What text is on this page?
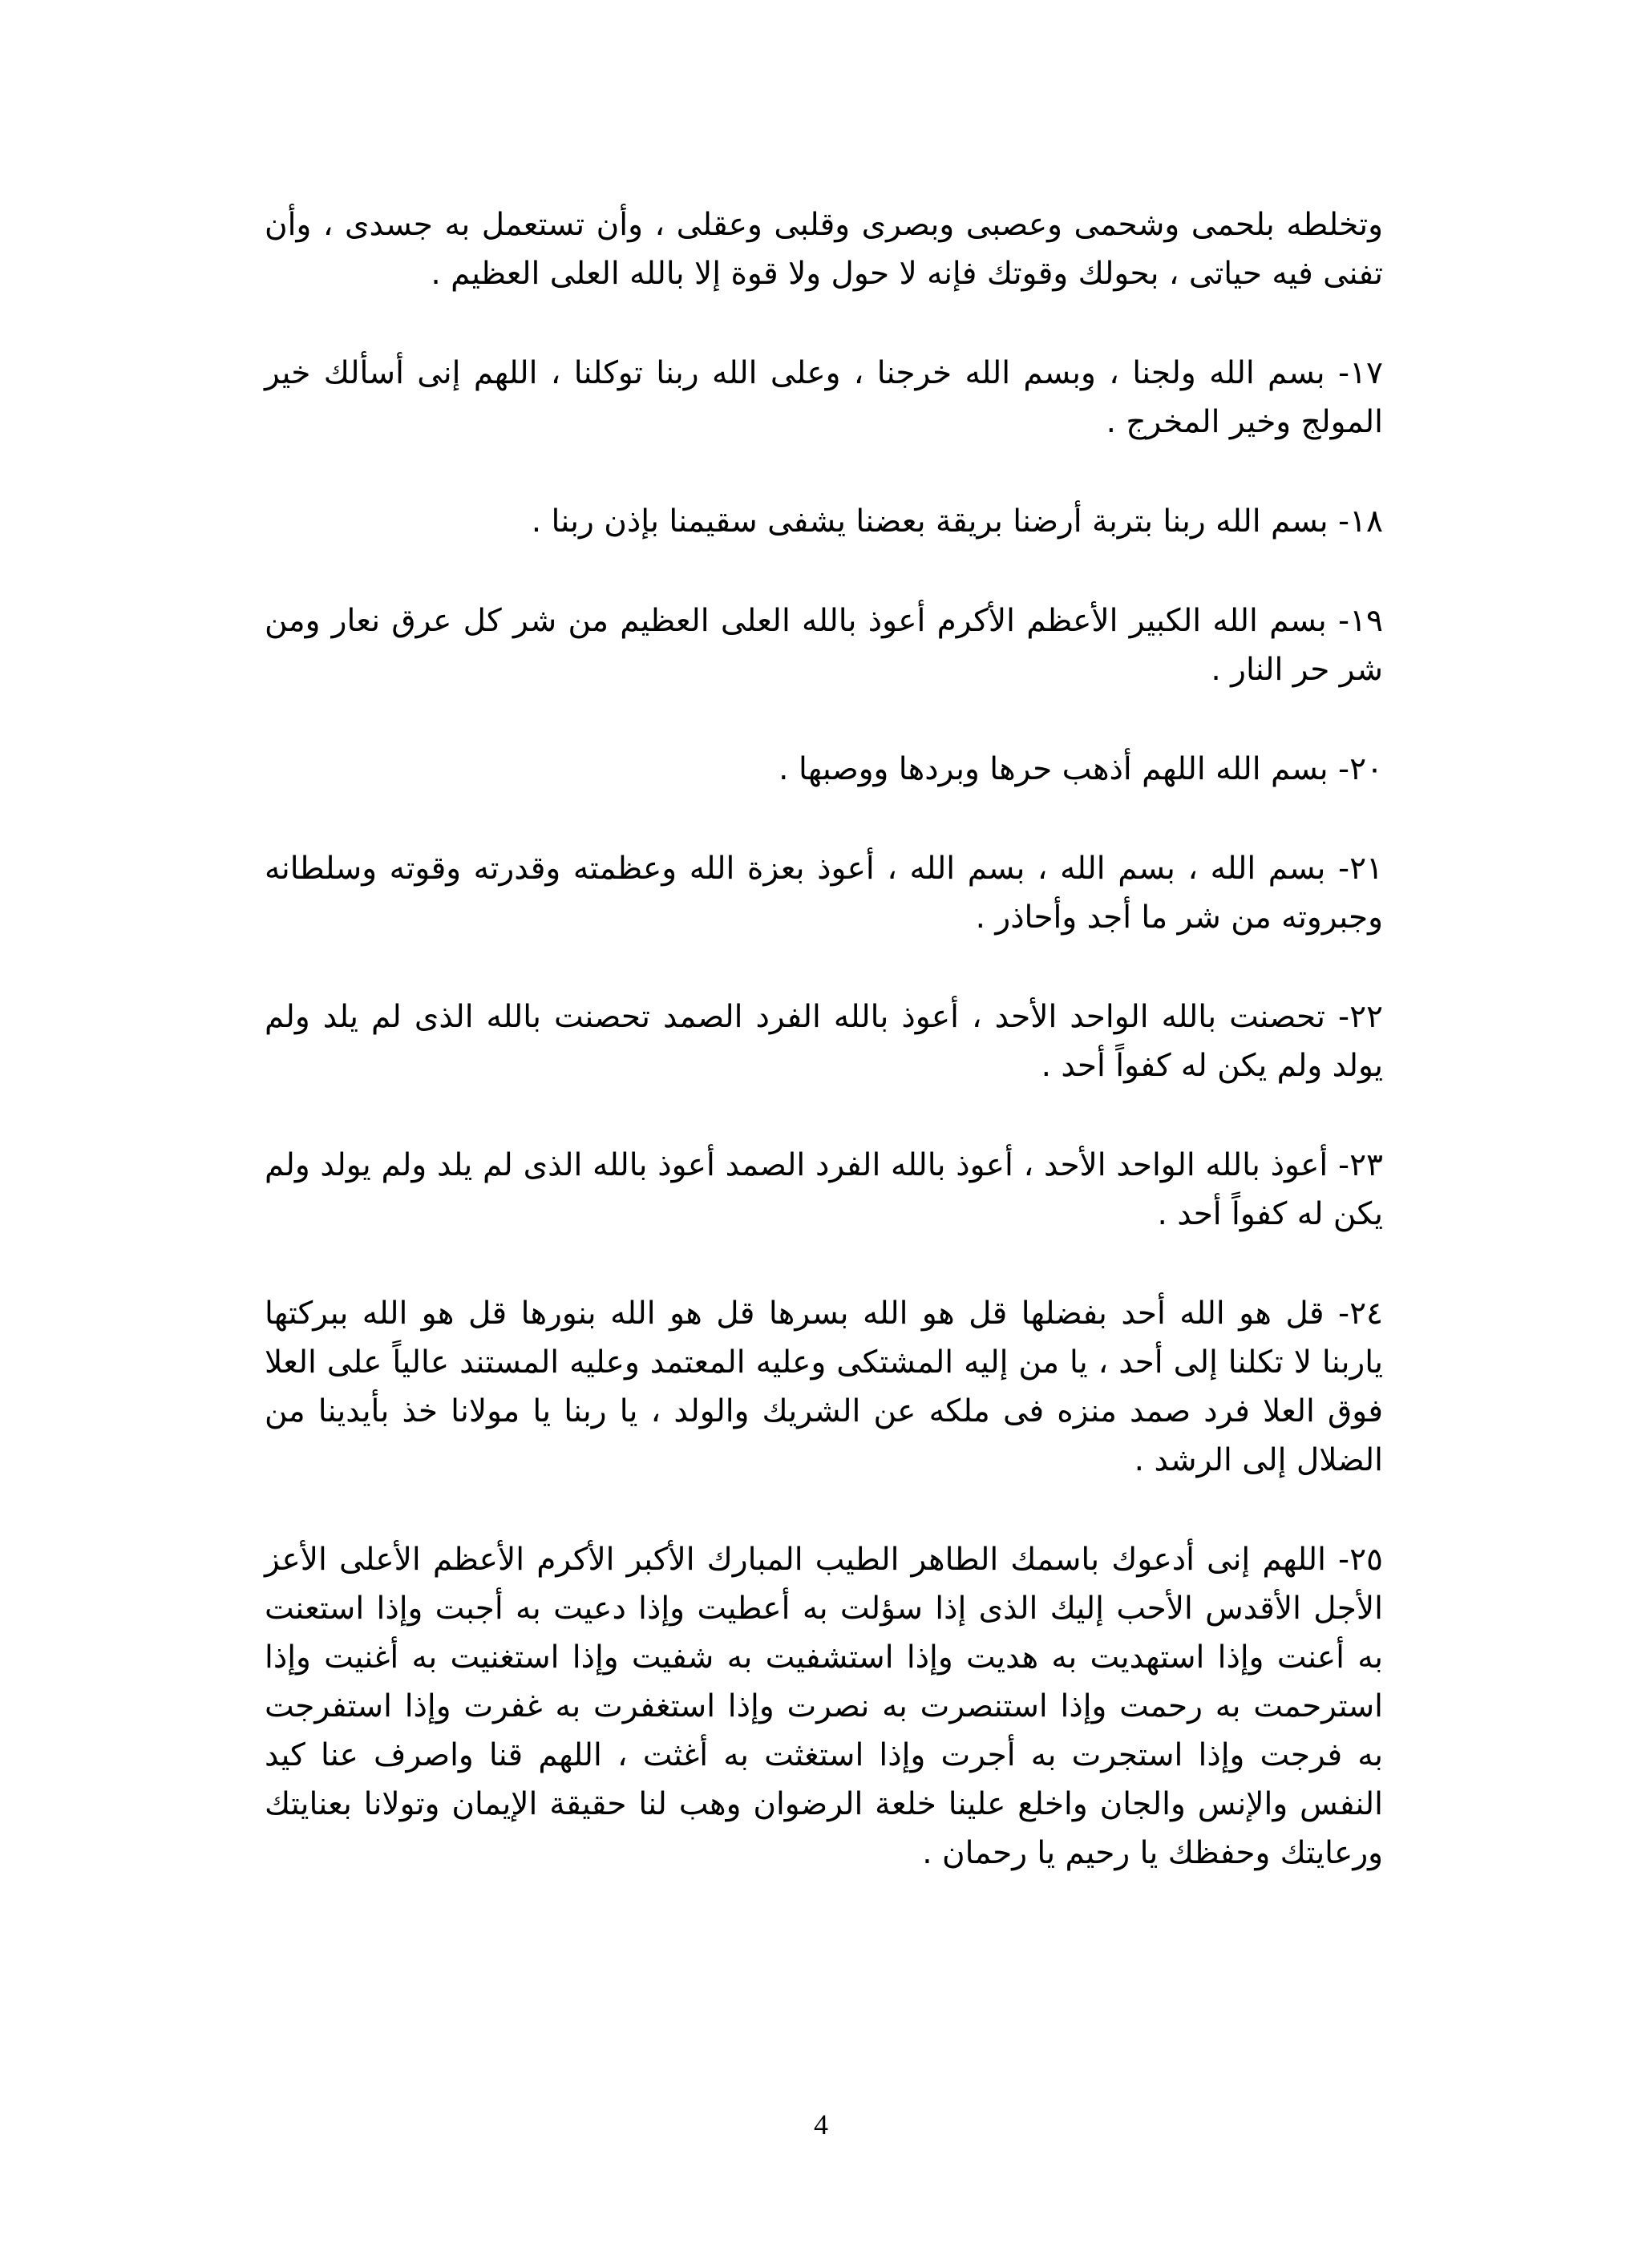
وتخلطه بلحمى وشحمى وعصبى وبصرى وقلبى وعقلى ، وأن تستعمل به جسدى ، وأن تفنى فيه حياتى ، بحولك وقوتك فإنه لا حول ولا قوة إلا بالله العلى العظيم .

١٧- بسم الله ولجنا ، وبسم الله خرجنا ، وعلى الله ربنا توكلنا ، اللهم إنى أسألك خير المولج وخير المخرج .

١٨- بسم الله ربنا بتربة أرضنا بريقة بعضنا يشفى سقيمنا بإذن ربنا .

١٩- بسم الله الكبير الأعظم الأكرم أعوذ بالله العلى العظيم من شر كل عرق نعار ومن شر حر النار .

٢٠- بسم الله اللهم أذهب حرها وبردها ووصبها .

٢١- بسم الله ، بسم الله ، بسم الله ، أعوذ بعزة الله وعظمته وقدرته وقوته وسلطانه وجبروته من شر ما أجد وأحاذر .

٢٢- تحصنت بالله الواحد الأحد ، أعوذ بالله الفرد الصمد تحصنت بالله الذى لم يلد ولم يولد ولم يكن له كفواً أحد .

٢٣- أعوذ بالله الواحد الأحد ، أعوذ بالله الفرد الصمد أعوذ بالله الذى لم يلد ولم يولد ولم يكن له كفواً أحد .

٢٤- قل هو الله أحد بفضلها قل هو الله بسرها قل هو الله بنورها قل هو الله ببركتها ياربنا لا تكلنا إلى أحد ، يا من إليه المشتكى وعليه المعتمد وعليه المستند عالياً على العلا فوق العلا فرد صمد منزه فى ملكه عن الشريك والولد ، يا ربنا يا مولانا خذ بأيدينا من الضلال إلى الرشد .

٢٥- اللهم إنى أدعوك باسمك الطاهر الطيب المبارك الأكبر الأكرم الأعظم الأعلى الأعز الأجل الأقدس الأحب إليك الذى إذا سؤلت به أعطيت وإذا دعيت به أجبت وإذا استعنت به أعنت وإذا استهديت به هديت وإذا استشفيت به شفيت وإذا استغنيت به أغنيت وإذا استرحمت به رحمت وإذا استنصرت به نصرت وإذا استغفرت به غفرت وإذا استفرجت به فرجت وإذا استجرت به أجرت وإذا استغثت به أغثت ، اللهم قنا واصرف عنا كيد النفس والإنس والجان واخلع علينا خلعة الرضوان وهب لنا حقيقة الإيمان وتولانا بعنايتك ورعايتك وحفظك يا رحيم يا رحمان .

4
